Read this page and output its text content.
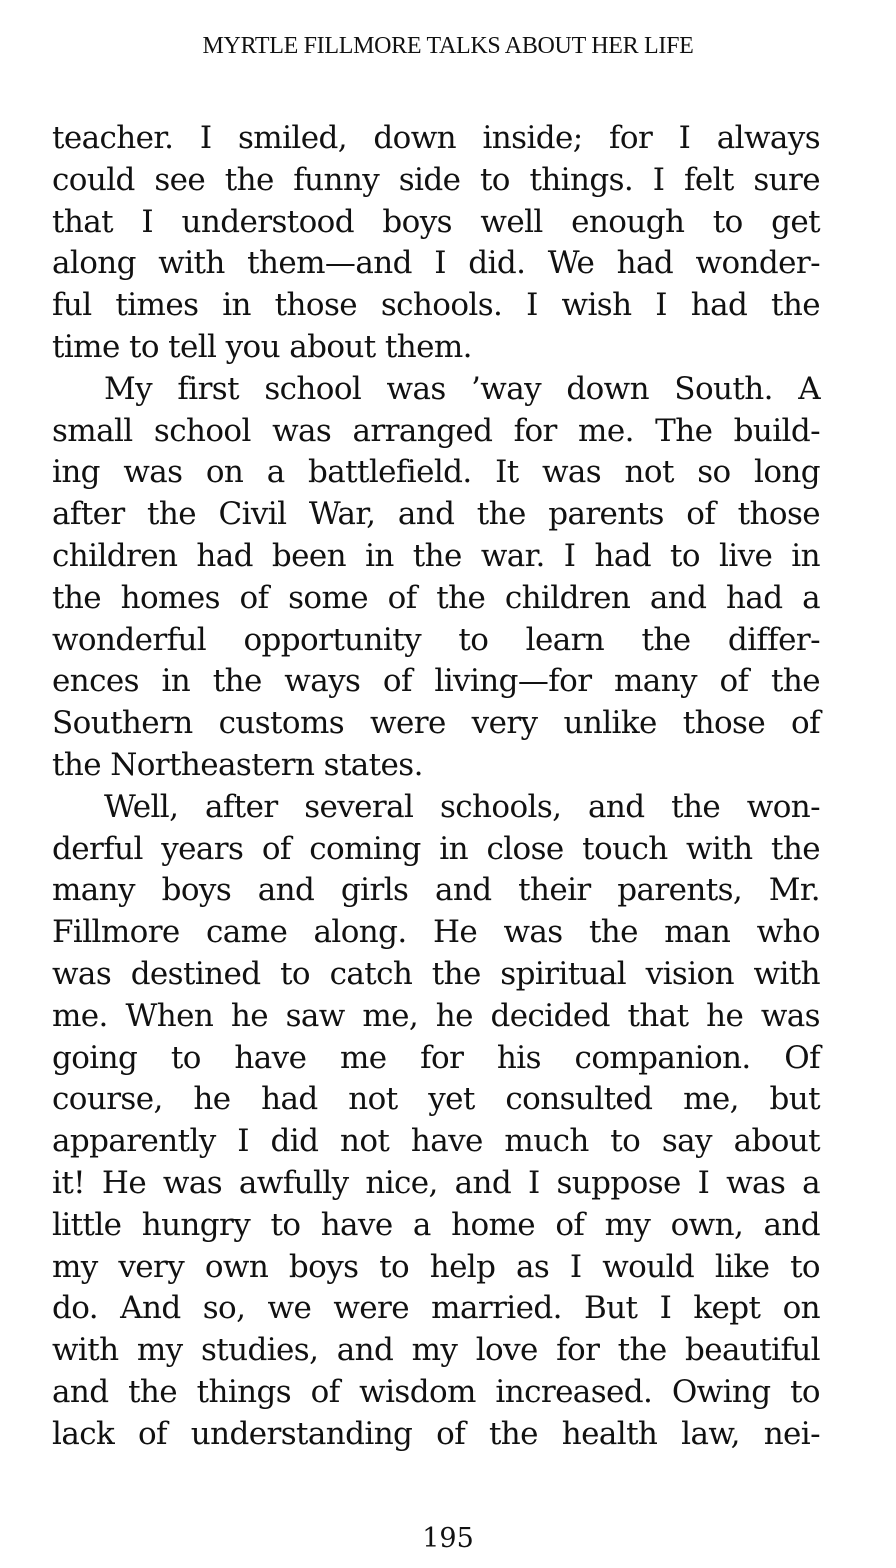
MYRTLE FILLMORE TALKS ABOUT HER LIFE
teacher. I smiled, down inside; for I always
could see the funny side to things. I felt sure
that I understood boys well enough to get
along with them—and I did. We had wonder-
ful times in those schools. I wish I had the
time to tell you about them.
My first school was ’way down South. A
small school was arranged for me. The build-
ing was on a battlefield. It was not so long
after the Civil War, and the parents of those
children had been in the war. I had to live in
the homes of some of the children and had a
wonderful opportunity to learn the differ-
ences in the ways of living—for many of the
Southern customs were very unlike those of
the Northeastern states.
Well, after several schools, and the won-
derful years of coming in close touch with the
many boys and girls and their parents, Mr.
Fillmore came along. He was the man who
was destined to catch the spiritual vision with
me. When he saw me, he decided that he was
going to have me for his companion. Of
course, he had not yet consulted me, but
apparently I did not have much to say about
it! He was awfully nice, and I suppose I was a
little hungry to have a home of my own, and
my very own boys to help as I would like to
do. And so, we were married. But I kept on
with my studies, and my love for the beautiful
and the things of wisdom increased. Owing to
lack of understanding of the health law, nei-
195
